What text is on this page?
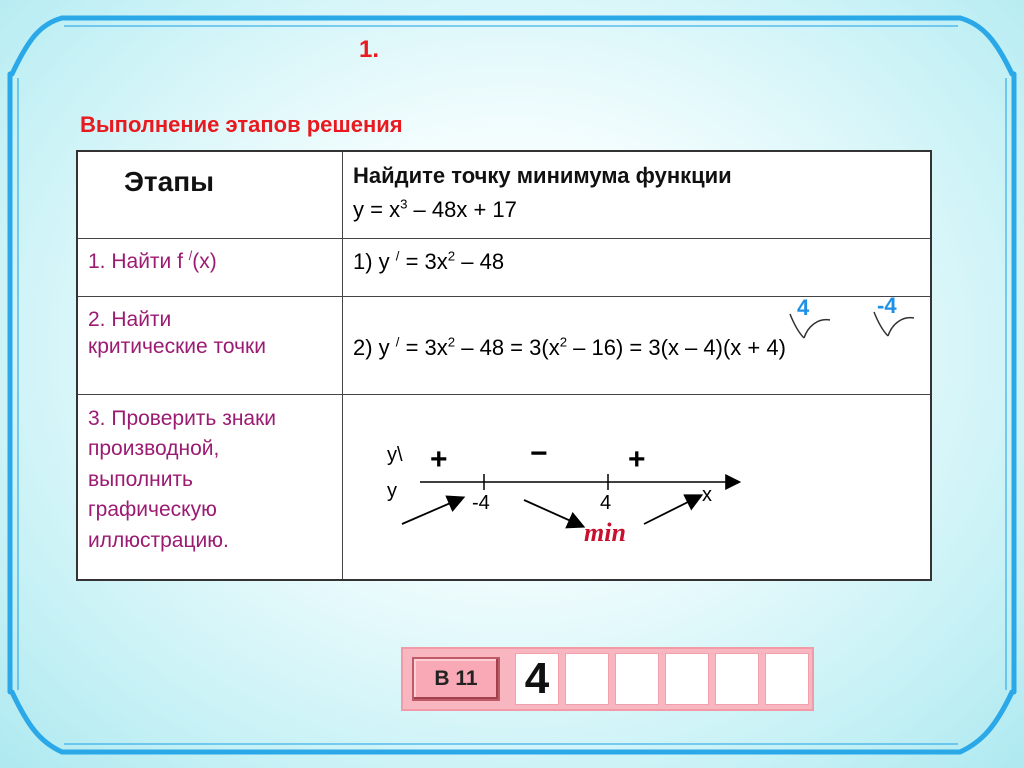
1.
Выполнение этапов решения
Этапы	Найдите точку минимума функции
$y = x^3 - 48x + 17$
1. Найти f /(x)	1) y $^/ = 3x^2 - 48$
2. Найти
критические точки	2) y $^/ = 3x^2 - 48 = 3(x^2 - 16) = 3(x - 4)(x + 4)$
4	-4
3. Проверить знаки
производной,
выполнить
графическую
иллюстрацию.
y\
y
+	−	+
-4	4	x
min
В 11	4
